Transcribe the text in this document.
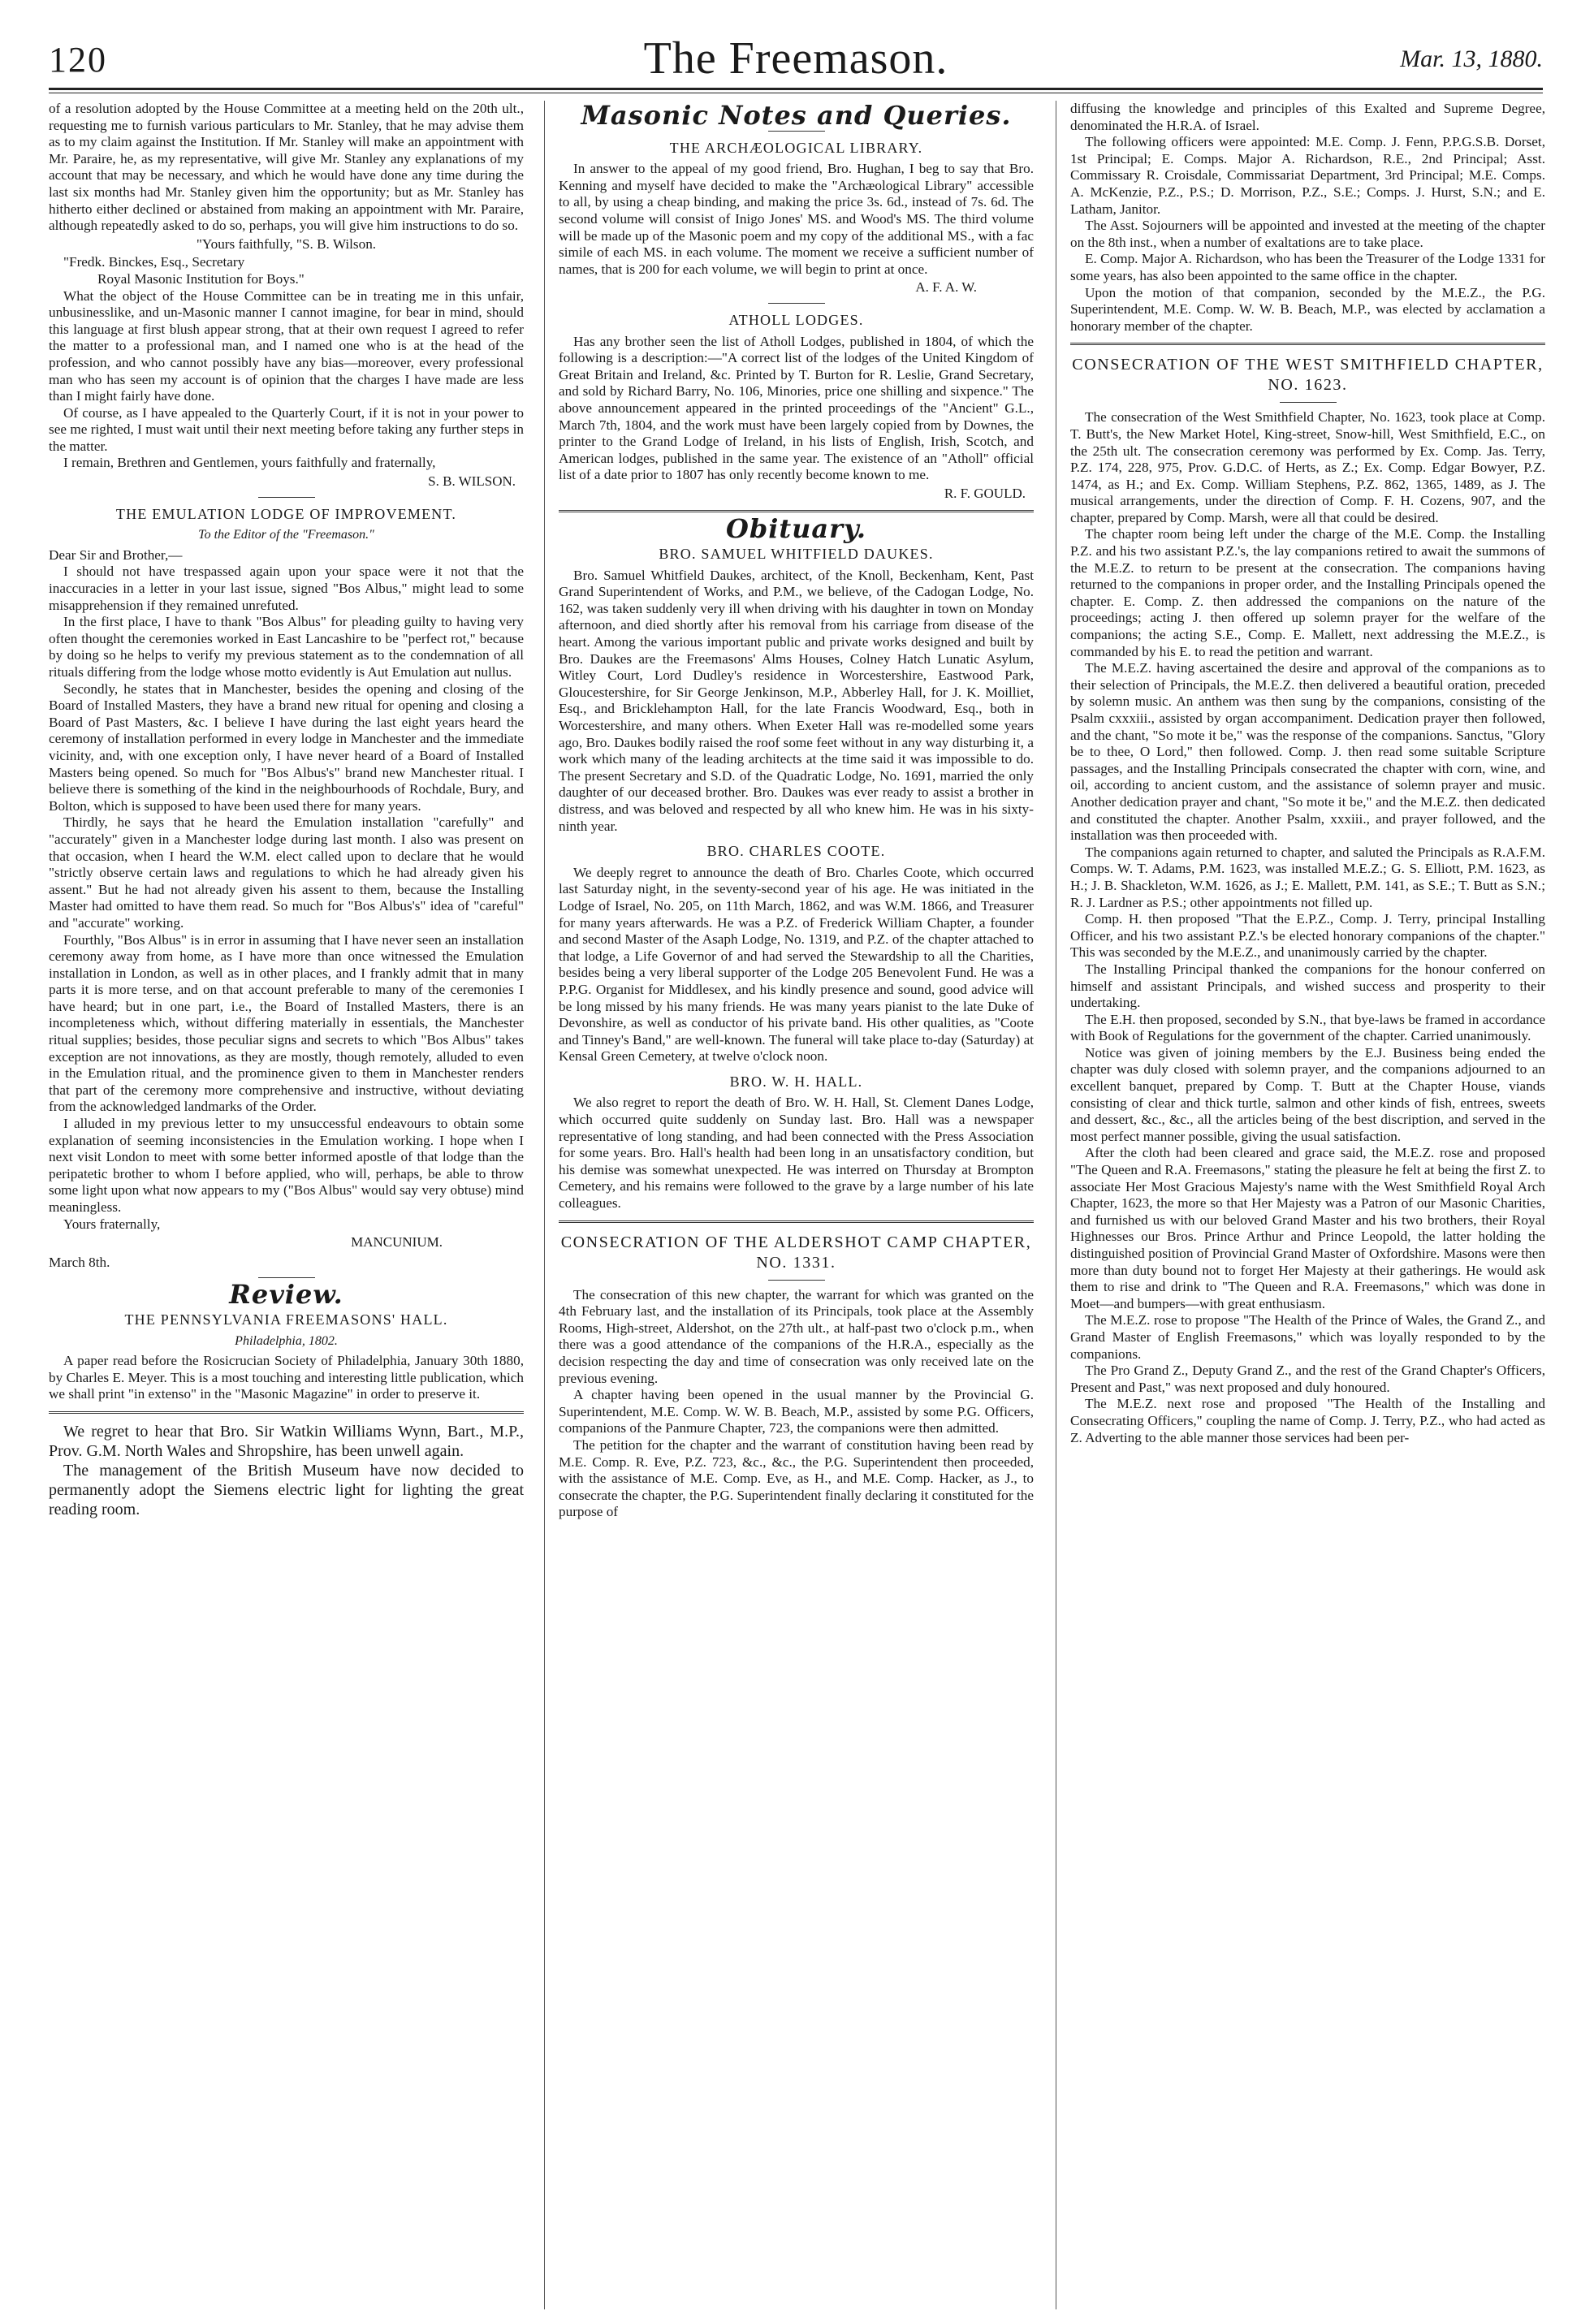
The Freemason.
120	Mar. 13, 1880.

of a resolution adopted by the House Committee at a meeting held on the 20th ult., requesting me to furnish various particulars to Mr. Stanley, that he may advise them as to my claim against the Institution. If Mr. Stanley will make an appointment with Mr. Paraire, he, as my representative, will give Mr. Stanley any explanations of my account that may be necessary, and which he would have done any time during the last six months had Mr. Stanley given him the opportunity; but as Mr. Stanley has hitherto either declined or abstained from making an appointment with Mr. Paraire, although repeatedly asked to do so, perhaps, you will give him instructions to do so.

"Yours faithfully, "S. B. Wilson.

"Fredk. Binckes, Esq., Secretary

Royal Masonic Institution for Boys."

What the object of the House Committee can be in treating me in this unfair, unbusinesslike, and un-Masonic manner I cannot imagine, for bear in mind, should this language at first blush appear strong, that at their own request I agreed to refer the matter to a professional man, and I named one who is at the head of the profession, and who cannot possibly have any bias—moreover, every professional man who has seen my account is of opinion that the charges I have made are less than I might fairly have done.

Of course, as I have appealed to the Quarterly Court, if it is not in your power to see me righted, I must wait until their next meeting before taking any further steps in the matter.

I remain, Brethren and Gentlemen, yours faithfully and fraternally,

S. B. WILSON.
THE EMULATION LODGE OF IMPROVEMENT.
To the Editor of the "Freemason."

Dear Sir and Brother,—

I should not have trespassed again upon your space were it not that the inaccuracies in a letter in your last issue, signed "Bos Albus," might lead to some misapprehension if they remained unrefuted.

In the first place, I have to thank "Bos Albus" for pleading guilty to having very often thought the ceremonies worked in East Lancashire to be "perfect rot," because by doing so he helps to verify my previous statement as to the condemnation of all rituals differing from the lodge whose motto evidently is Aut Emulation aut nullus.

Secondly, he states that in Manchester, besides the opening and closing of the Board of Installed Masters, they have a brand new ritual for opening and closing a Board of Past Masters, &c. I believe I have during the last eight years heard the ceremony of installation performed in every lodge in Manchester and the immediate vicinity, and, with one exception only, I have never heard of a Board of Installed Masters being opened. So much for "Bos Albus's" brand new Manchester ritual. I believe there is something of the kind in the neighbourhoods of Rochdale, Bury, and Bolton, which is supposed to have been used there for many years.

Thirdly, he says that he heard the Emulation installation "carefully" and "accurately" given in a Manchester lodge during last month. I also was present on that occasion, when I heard the W.M. elect called upon to declare that he would "strictly observe certain laws and regulations to which he had already given his assent." But he had not already given his assent to them, because the Installing Master had omitted to have them read. So much for "Bos Albus's" idea of "careful" and "accurate" working.

Fourthly, "Bos Albus" is in error in assuming that I have never seen an installation ceremony away from home, as I have more than once witnessed the Emulation installation in London, as well as in other places, and I frankly admit that in many parts it is more terse, and on that account preferable to many of the ceremonies I have heard; but in one part, i.e., the Board of Installed Masters, there is an incompleteness which, without differing materially in essentials, the Manchester ritual supplies; besides, those peculiar signs and secrets to which "Bos Albus" takes exception are not innovations, as they are mostly, though remotely, alluded to even in the Emulation ritual, and the prominence given to them in Manchester renders that part of the ceremony more comprehensive and instructive, without deviating from the acknowledged landmarks of the Order.

I alluded in my previous letter to my unsuccessful endeavours to obtain some explanation of seeming inconsistencies in the Emulation working. I hope when I next visit London to meet with some better informed apostle of that lodge than the peripatetic brother to whom I before applied, who will, perhaps, be able to throw some light upon what now appears to my ("Bos Albus" would say very obtuse) mind meaningless.

Yours fraternally,

MANCUNIUM.

March 8th.

Review.
THE PENNSYLVANIA FREEMASONS' HALL.
Philadelphia, 1802.

A paper read before the Rosicrucian Society of Philadelphia, January 30th 1880, by Charles E. Meyer. This is a most touching and interesting little publication, which we shall print "in extenso" in the "Masonic Magazine" in order to preserve it.

We regret to hear that Bro. Sir Watkin Williams Wynn, Bart., M.P., Prov. G.M. North Wales and Shropshire, has been unwell again.

The management of the British Museum have now decided to permanently adopt the Siemens electric light for lighting the great reading room.

Masonic Notes and Queries.
THE ARCHÆOLOGICAL LIBRARY.

In answer to the appeal of my good friend, Bro. Hughan, I beg to say that Bro. Kenning and myself have decided to make the "Archæological Library" accessible to all, by using a cheap binding, and making the price 3s. 6d., instead of 7s. 6d. The second volume will consist of Inigo Jones' MS. and Wood's MS. The third volume will be made up of the Masonic poem and my copy of the additional MS., with a fac simile of each MS. in each volume. The moment we receive a sufficient number of names, that is 200 for each volume, we will begin to print at once.

A. F. A. W.
ATHOLL LODGES.

Has any brother seen the list of Atholl Lodges, published in 1804, of which the following is a description:—"A correct list of the lodges of the United Kingdom of Great Britain and Ireland, &c. Printed by T. Burton for R. Leslie, Grand Secretary, and sold by Richard Barry, No. 106, Minories, price one shilling and sixpence." The above announcement appeared in the printed proceedings of the "Ancient" G.L., March 7th, 1804, and the work must have been largely copied from by Downes, the printer to the Grand Lodge of Ireland, in his lists of English, Irish, Scotch, and American lodges, published in the same year. The existence of an "Atholl" official list of a date prior to 1807 has only recently become known to me.

R. F. GOULD.
Obituary.
BRO. SAMUEL WHITFIELD DAUKES.

Bro. Samuel Whitfield Daukes, architect, of the Knoll, Beckenham, Kent, Past Grand Superintendent of Works, and P.M., we believe, of the Cadogan Lodge, No. 162, was taken suddenly very ill when driving with his daughter in town on Monday afternoon, and died shortly after his removal from his carriage from disease of the heart. Among the various important public and private works designed and built by Bro. Daukes are the Freemasons' Alms Houses, Colney Hatch Lunatic Asylum, Witley Court, Lord Dudley's residence in Worcestershire, Eastwood Park, Gloucestershire, for Sir George Jenkinson, M.P., Abberley Hall, for J. K. Moilliet, Esq., and Bricklehampton Hall, for the late Francis Woodward, Esq., both in Worcestershire, and many others. When Exeter Hall was re-modelled some years ago, Bro. Daukes bodily raised the roof some feet without in any way disturbing it, a work which many of the leading architects at the time said it was impossible to do. The present Secretary and S.D. of the Quadratic Lodge, No. 1691, married the only daughter of our deceased brother. Bro. Daukes was ever ready to assist a brother in distress, and was beloved and respected by all who knew him. He was in his sixty-ninth year.

BRO. CHARLES COOTE.

We deeply regret to announce the death of Bro. Charles Coote, which occurred last Saturday night, in the seventy-second year of his age. He was initiated in the Lodge of Israel, No. 205, on 11th March, 1862, and was W.M. 1866, and Treasurer for many years afterwards. He was a P.Z. of Frederick William Chapter, a founder and second Master of the Asaph Lodge, No. 1319, and P.Z. of the chapter attached to that lodge, a Life Governor of and had served the Stewardship to all the Charities, besides being a very liberal supporter of the Lodge 205 Benevolent Fund. He was a P.P.G. Organist for Middlesex, and his kindly presence and sound, good advice will be long missed by his many friends. He was many years pianist to the late Duke of Devonshire, as well as conductor of his private band. His other qualities, as "Coote and Tinney's Band," are well-known. The funeral will take place to-day (Saturday) at Kensal Green Cemetery, at twelve o'clock noon.

BRO. W. H. HALL.

We also regret to report the death of Bro. W. H. Hall, St. Clement Danes Lodge, which occurred quite suddenly on Sunday last. Bro. Hall was a newspaper representative of long standing, and had been connected with the Press Association for some years. Bro. Hall's health had been long in an unsatisfactory condition, but his demise was somewhat unexpected. He was interred on Thursday at Brompton Cemetery, and his remains were followed to the grave by a large number of his late colleagues.

CONSECRATION OF THE ALDERSHOT CAMP CHAPTER, NO. 1331.

The consecration of this new chapter, the warrant for which was granted on the 4th February last, and the installation of its Principals, took place at the Assembly Rooms, High-street, Aldershot, on the 27th ult., at half-past two o'clock p.m., when there was a good attendance of the companions of the H.R.A., especially as the decision respecting the day and time of consecration was only received late on the previous evening.

A chapter having been opened in the usual manner by the Provincial G. Superintendent, M.E. Comp. W. W. B. Beach, M.P., assisted by some P.G. Officers, companions of the Panmure Chapter, 723, the companions were then admitted.

The petition for the chapter and the warrant of constitution having been read by M.E. Comp. R. Eve, P.Z. 723, &c., &c., the P.G. Superintendent then proceeded, with the assistance of M.E. Comp. Eve, as H., and M.E. Comp. Hacker, as J., to consecrate the chapter, the P.G. Superintendent finally declaring it constituted for the purpose of

diffusing the knowledge and principles of this Exalted and Supreme Degree, denominated the H.R.A. of Israel.

The following officers were appointed: M.E. Comp. J. Fenn, P.P.G.S.B. Dorset, 1st Principal; E. Comps. Major A. Richardson, R.E., 2nd Principal; Asst. Commissary R. Croisdale, Commissariat Department, 3rd Principal; M.E. Comps. A. McKenzie, P.Z., P.S.; D. Morrison, P.Z., S.E.; Comps. J. Hurst, S.N.; and E. Latham, Janitor.

The Asst. Sojourners will be appointed and invested at the meeting of the chapter on the 8th inst., when a number of exaltations are to take place.

E. Comp. Major A. Richardson, who has been the Treasurer of the Lodge 1331 for some years, has also been appointed to the same office in the chapter.

Upon the motion of that companion, seconded by the M.E.Z., the P.G. Superintendent, M.E. Comp. W. W. B. Beach, M.P., was elected by acclamation a honorary member of the chapter.

CONSECRATION OF THE WEST SMITHFIELD CHAPTER, NO. 1623.

The consecration of the West Smithfield Chapter, No. 1623, took place at Comp. T. Butt's, the New Market Hotel, King-street, Snow-hill, West Smithfield, E.C., on the 25th ult. The consecration ceremony was performed by Ex. Comp. Jas. Terry, P.Z. 174, 228, 975, Prov. G.D.C. of Herts, as Z.; Ex. Comp. Edgar Bowyer, P.Z. 1474, as H.; and Ex. Comp. William Stephens, P.Z. 862, 1365, 1489, as J. The musical arrangements, under the direction of Comp. F. H. Cozens, 907, and the chapter, prepared by Comp. Marsh, were all that could be desired.

The chapter room being left under the charge of the M.E. Comp. the Installing P.Z. and his two assistant P.Z.'s, the lay companions retired to await the summons of the M.E.Z. to return to be present at the consecration. The companions having returned to the companions in proper order, and the Installing Principals opened the chapter. E. Comp. Z. then addressed the companions on the nature of the proceedings; acting J. then offered up solemn prayer for the welfare of the companions; the acting S.E., Comp. E. Mallett, next addressing the M.E.Z., is commanded by his E. to read the petition and warrant.

The M.E.Z. having ascertained the desire and approval of the companions as to their selection of Principals, the M.E.Z. then delivered a beautiful oration, preceded by solemn music. An anthem was then sung by the companions, consisting of the Psalm cxxxiii., assisted by organ accompaniment. Dedication prayer then followed, and the chant, "So mote it be," was the response of the companions. Sanctus, "Glory be to thee, O Lord," then followed. Comp. J. then read some suitable Scripture passages, and the Installing Principals consecrated the chapter with corn, wine, and oil, according to ancient custom, and the assistance of solemn prayer and music. Another dedication prayer and chant, "So mote it be," and the M.E.Z. then dedicated and constituted the chapter. Another Psalm, xxxiii., and prayer followed, and the installation was then proceeded with.

The companions again returned to chapter, and saluted the Principals as R.A.F.M. Comps. W. T. Adams, P.M. 1623, was installed M.E.Z.; G. S. Elliott, P.M. 1623, as H.; J. B. Shackleton, W.M. 1626, as J.; E. Mallett, P.M. 141, as S.E.; T. Butt as S.N.; R. J. Lardner as P.S.; other appointments not filled up.

Comp. H. then proposed "That the E.P.Z., Comp. J. Terry, principal Installing Officer, and his two assistant P.Z.'s be elected honorary companions of the chapter." This was seconded by the M.E.Z., and unanimously carried by the chapter.

The Installing Principal thanked the companions for the honour conferred on himself and assistant Principals, and wished success and prosperity to their undertaking.

The E.H. then proposed, seconded by S.N., that bye-laws be framed in accordance with Book of Regulations for the government of the chapter. Carried unanimously.

Notice was given of joining members by the E.J. Business being ended the chapter was duly closed with solemn prayer, and the companions adjourned to an excellent banquet, prepared by Comp. T. Butt at the Chapter House, viands consisting of clear and thick turtle, salmon and other kinds of fish, entrees, sweets and dessert, &c., &c., all the articles being of the best discription, and served in the most perfect manner possible, giving the usual satisfaction.

After the cloth had been cleared and grace said, the M.E.Z. rose and proposed "The Queen and R.A. Freemasons," stating the pleasure he felt at being the first Z. to associate Her Most Gracious Majesty's name with the West Smithfield Royal Arch Chapter, 1623, the more so that Her Majesty was a Patron of our Masonic Charities, and furnished us with our beloved Grand Master and his two brothers, their Royal Highnesses our Bros. Prince Arthur and Prince Leopold, the latter holding the distinguished position of Provincial Grand Master of Oxfordshire. Masons were then more than duty bound not to forget Her Majesty at their gatherings. He would ask them to rise and drink to "The Queen and R.A. Freemasons," which was done in Moet—and bumpers—with great enthusiasm.

The M.E.Z. rose to propose "The Health of the Prince of Wales, the Grand Z., and Grand Master of English Freemasons," which was loyally responded to by the companions.

The Pro Grand Z., Deputy Grand Z., and the rest of the Grand Chapter's Officers, Present and Past," was next proposed and duly honoured.

The M.E.Z. next rose and proposed "The Health of the Installing and Consecrating Officers," coupling the name of Comp. J. Terry, P.Z., who had acted as Z. Adverting to the able manner those services had been per-
